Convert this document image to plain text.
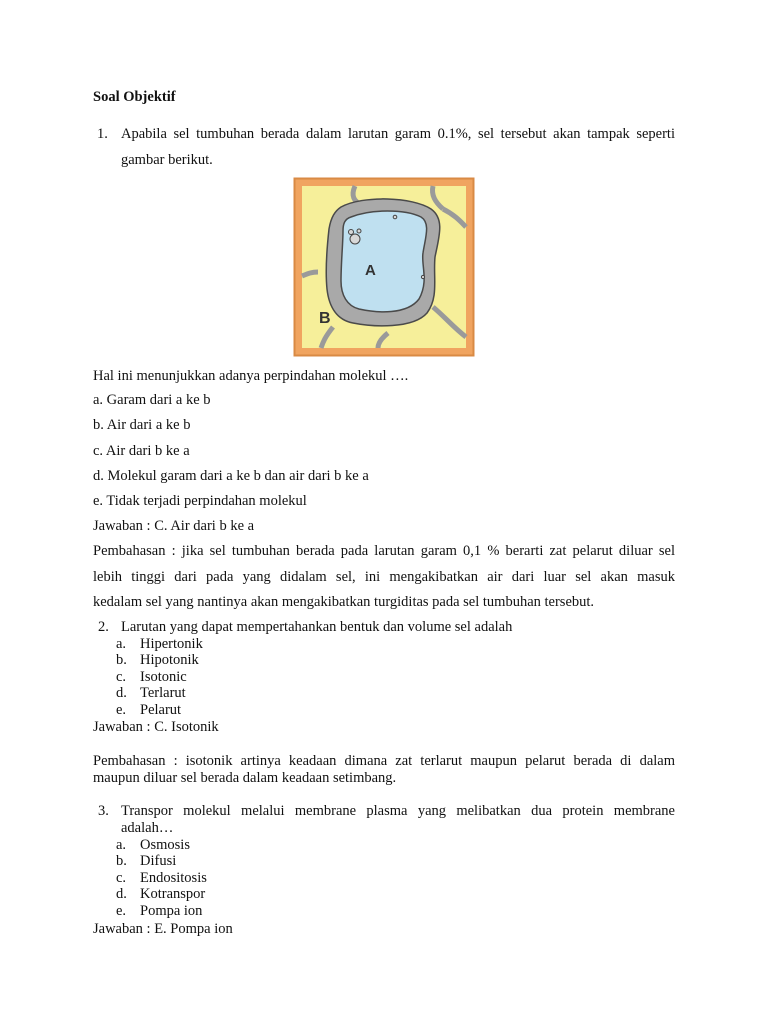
Soal Objektif
1. Apabila sel tumbuhan berada dalam larutan garam 0.1%, sel tersebut akan tampak seperti
gambar berikut.
A
B
Hal ini menunjukkan adanya perpindahan molekul ….
a. Garam dari a ke b
b. Air dari a ke b
c. Air dari b ke a
d. Molekul garam dari a ke b dan air dari b ke a
e. Tidak terjadi perpindahan molekul
Jawaban : C. Air dari b ke a
Pembahasan : jika sel tumbuhan berada pada larutan garam 0,1 % berarti zat pelarut diluar sel
lebih tinggi dari pada yang didalam sel, ini mengakibatkan air dari luar sel akan masuk
kedalam sel yang nantinya akan mengakibatkan turgiditas pada sel tumbuhan tersebut.
2. Larutan yang dapat mempertahankan bentuk dan volume sel adalah
a. Hipertonik
b. Hipotonik
c. Isotonic
d. Terlarut
e. Pelarut
Jawaban : C. Isotonik
Pembahasan : isotonik artinya keadaan dimana zat terlarut maupun pelarut berada di dalam
maupun diluar sel berada dalam keadaan setimbang.
3. Transpor molekul melalui membrane plasma yang melibatkan dua protein membrane
adalah…
a. Osmosis
b. Difusi
c. Endositosis
d. Kotranspor
e. Pompa ion
Jawaban : E. Pompa ion
